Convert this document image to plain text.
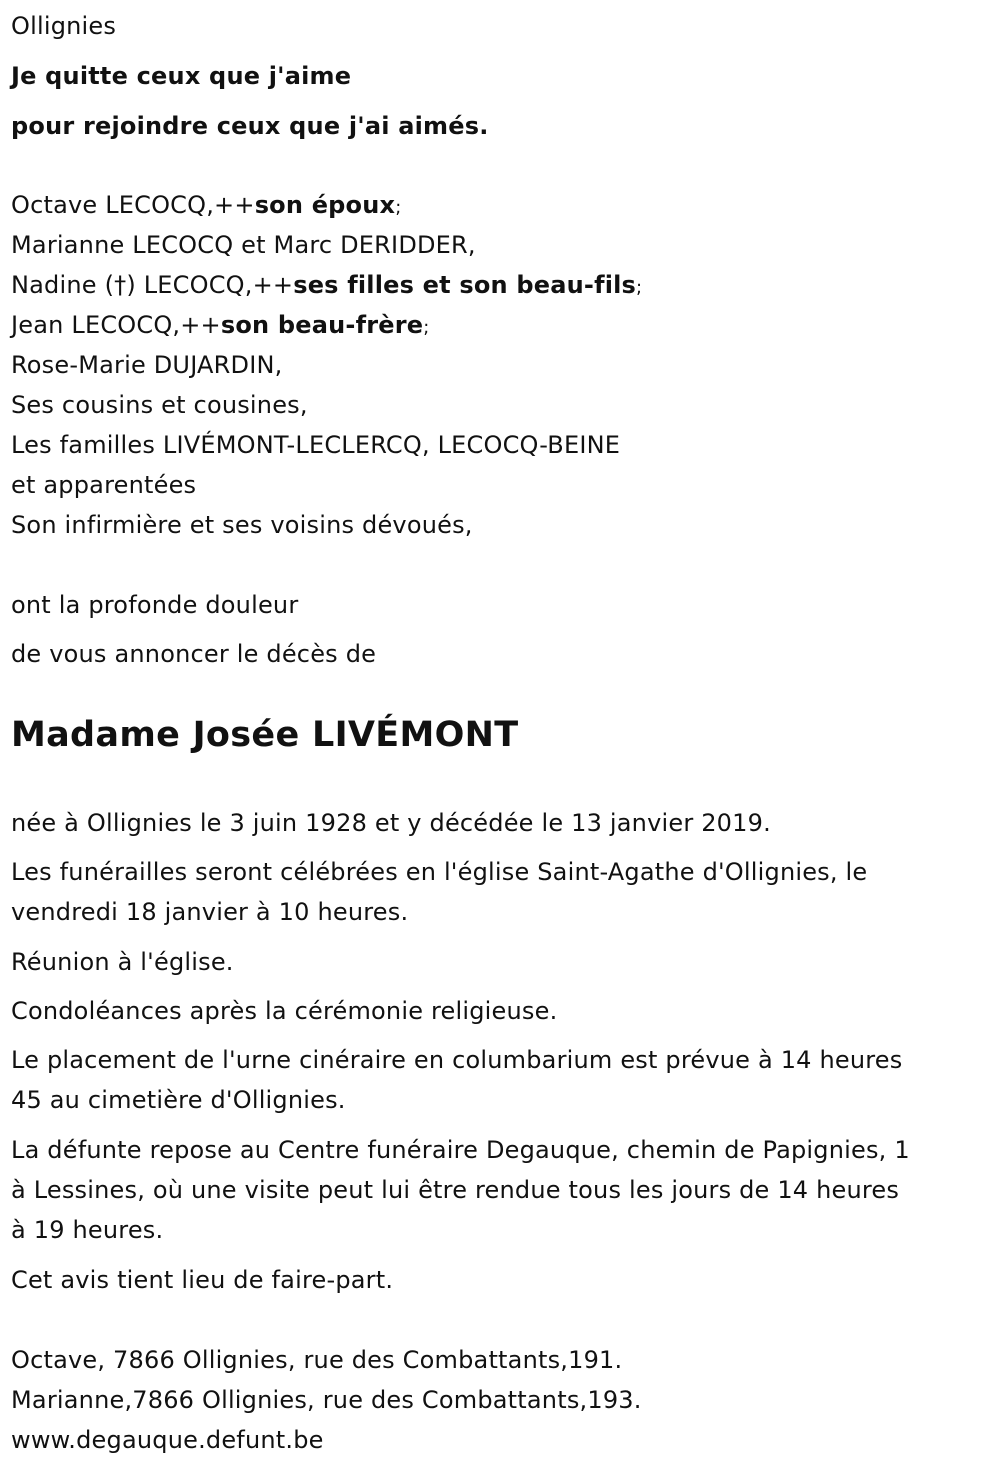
Ollignies

Je quitte ceux que j'aime

pour rejoindre ceux que j'ai aimés.

Octave LECOCQ,++son époux;

Marianne LECOCQ et Marc DERIDDER,

Nadine (†) LECOCQ,++ses filles et son beau-fils;

Jean LECOCQ,++son beau-frère;

Rose-Marie DUJARDIN,

Ses cousins et cousines,

Les familles LIVÉMONT-LECLERCQ, LECOCQ-BEINE

et apparentées

Son infirmière et ses voisins dévoués,

ont la profonde douleur

de vous annoncer le décès de

Madame Josée LIVÉMONT

née à Ollignies le 3 juin 1928 et y décédée le 13 janvier 2019.

Les funérailles seront célébrées en l'église Saint-Agathe d'Ollignies, le

vendredi 18 janvier à 10 heures.

Réunion à l'église.

Condoléances après la cérémonie religieuse.

Le placement de l'urne cinéraire en columbarium est prévue à 14 heures

45 au cimetière d'Ollignies.

La défunte repose au Centre funéraire Degauque, chemin de Papignies, 1

à Lessines, où une visite peut lui être rendue tous les jours de 14 heures

à 19 heures.

Cet avis tient lieu de faire-part.

Octave, 7866 Ollignies, rue des Combattants,191.

Marianne,7866 Ollignies, rue des Combattants,193.

www.degauque.defunt.be
